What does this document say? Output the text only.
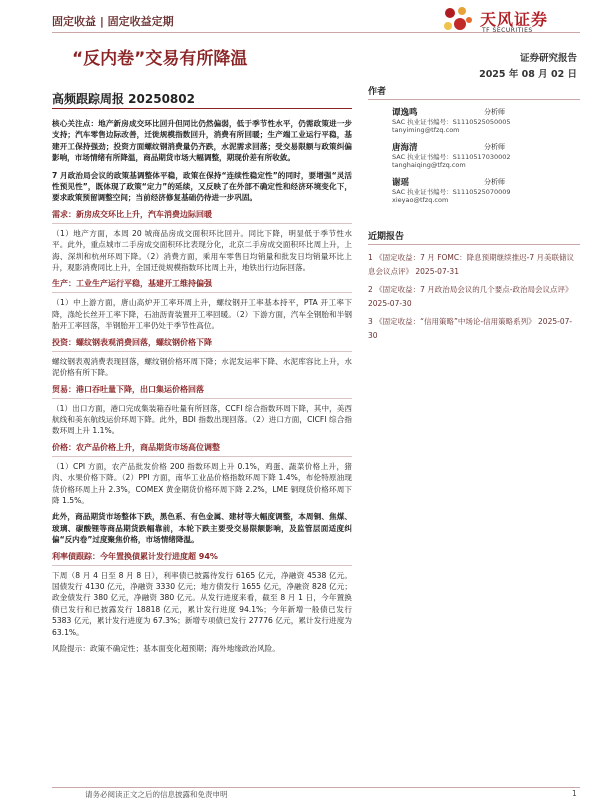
固定收益 | 固定收益定期	天风证券
TF SECURITIES
“反内卷”交易有所降温	证券研究报告
2025 年 08 月 02 日
高频跟踪周报 20250802

核心关注点：地产新房成交环比回升但同比仍然偏弱，低于季节性水平，仍需政策进一步支持；汽车零售边际改善，迁徙规模指数回升，消费有所回暖；生产端工业运行平稳，基建开工保持强劲；投资方面螺纹钢消费量仍齐跌，水泥需求回落；受交易限额与政策纠偏影响，市场情绪有所降温，商品期货市场大幅调整，期现价差有所收敛。

7 月政治局会议的政策基调整体平稳，政策在保持“连续性稳定性”的同时，要增强“灵活性预见性”，既体现了政策“定力”的延续，又反映了在外部不确定性和经济环境变化下，要求政策预留调整空间；当前经济修复基础仍待进一步巩固。

需求：新房成交环比上升，汽车消费边际回暖

（1）地产方面，本周 20 城商品房成交面积环比回升。同比下降，明显低于季节性水平。此外，重点城市二手房成交面积环比表现分化，北京二手房成交面积环比周上升，上海、深圳和杭州环周下降。（2）消费方面，乘用车零售日均销量和批发日均销量环比上升，观影消费同比上升，全国迁徙规模指数环比周上升，地铁出行边际回落。

生产：工业生产运行平稳，基建开工维持偏强

（1）中上游方面，唐山高炉开工率环周上升，螺纹钢开工率基本持平，PTA 开工率下降，涤纶长丝开工率下降，石油沥青装置开工率回暖。（2）下游方面，汽车全钢胎和半钢胎开工率回落，半钢胎开工率仍处于季节性高位。

投资：螺纹钢表观消费回落，螺纹钢价格下降

螺纹钢表观消费表现回落，螺纹钢价格环周下降；水泥发运率下降、水泥库容比上升，水泥价格有所下降。

贸易：港口吞吐量下降，出口集运价格回落

（1）出口方面，港口完成集装箱吞吐量有所回落，CCFI 综合指数环周下降，其中，美西航线和美东航线运价环周下降。此外，BDI 指数出现回落。（2）进口方面，CICFI 综合指数环周上升 1.1%。

价格：农产品价格上升，商品期货市场高位调整

（1）CPI 方面，农产品批发价格 200 指数环周上升 0.1%，鸡蛋、蔬菜价格上升，猪肉、水果价格下降。（2）PPI 方面，南华工业品价格指数环周下降 1.4%，布伦特原油现货价格环周上升 2.3%，COMEX 黄金期货价格环周下降 2.2%，LME 铜现货价格环周下降 1.5%。

此外，商品期货市场整体下跌，黑色系、有色金属、建材等大幅度调整，本周铜、焦煤、玻璃、碳酸锂等商品期货跌幅靠前，本轮下跌主要受交易限额影响，及监管层面适度纠偏“反内卷”过度聚焦价格，市场情绪降温。

利率债跟踪：今年置换债累计发行进度超 94%

下周（8 月 4 日至 8 月 8 日），利率债已披露待发行 6165 亿元，净融资 4538 亿元。国债发行 4130 亿元，净融资 3330 亿元；地方债发行 1655 亿元，净融资 828 亿元；政金债发行 380 亿元，净融资 380 亿元。从发行进度来看，截至 8 月 1 日，今年置换债已发行和已披露发行 18818 亿元，累计发行进度 94.1%；今年新增一般债已发行 5383 亿元，累计发行进度为 67.3%；新增专项债已发行 27776 亿元，累计发行进度为 63.1%。

风险提示：政策不确定性；基本面变化超预期；海外地缘政治风险。

作者

谭逸鸣	分析师
SAC 执业证书编号：S1110525050005
tanyiming@tfzq.com
唐海清	分析师
SAC 执业证书编号：S1110517030002
tanghaiqing@tfzq.com
谢瑶	分析师
SAC 执业证书编号：S1110525070009
xieyao@tfzq.com

近期报告

1 《固定收益：7 月 FOMC：降息预期继续推迟-7 月美联储议息会议点评》 2025-07-31

2 《固定收益：7 月政治局会议的几个要点-政治局会议点评》 2025-07-30

3 《固定收益：“信用策略”中场论-信用策略系列》 2025-07-30

请务必阅读正文之后的信息披露和免责申明	1
